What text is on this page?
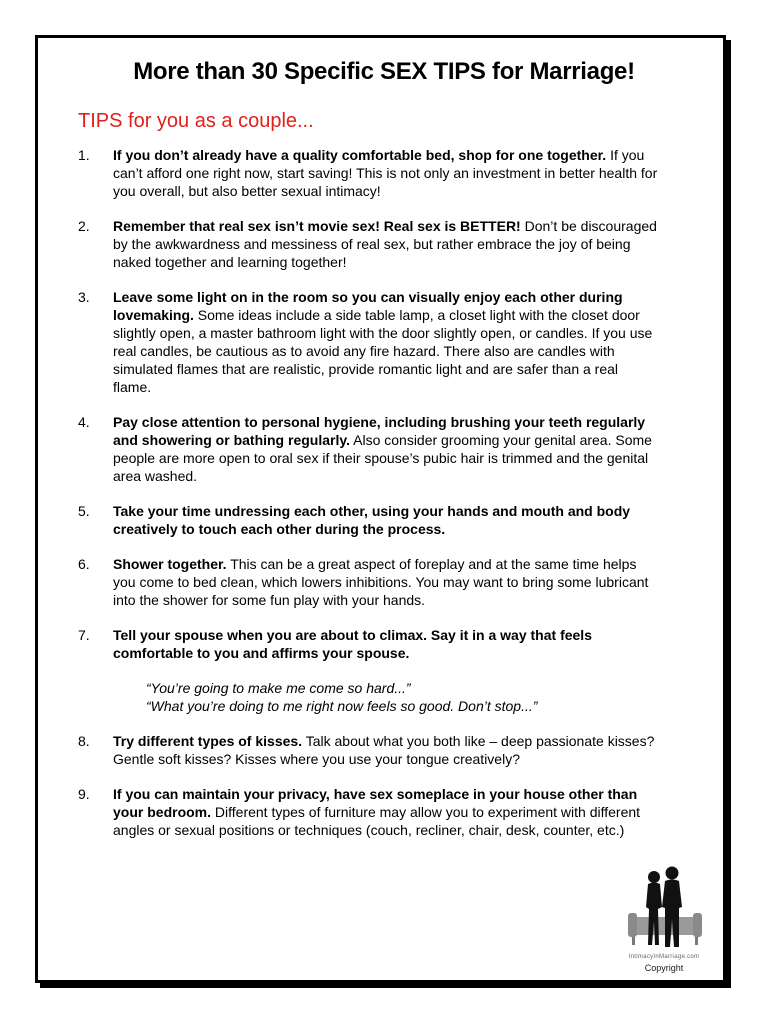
More than 30 Specific SEX TIPS for Marriage!
TIPS for you as a couple...
1. If you don’t already have a quality comfortable bed, shop for one together. If you can’t afford one right now, start saving! This is not only an investment in better health for you overall, but also better sexual intimacy!
2. Remember that real sex isn’t movie sex! Real sex is BETTER! Don’t be discouraged by the awkwardness and messiness of real sex, but rather embrace the joy of being naked together and learning together!
3. Leave some light on in the room so you can visually enjoy each other during lovemaking. Some ideas include a side table lamp, a closet light with the closet door slightly open, a master bathroom light with the door slightly open, or candles. If you use real candles, be cautious as to avoid any fire hazard. There also are candles with simulated flames that are realistic, provide romantic light and are safer than a real flame.
4. Pay close attention to personal hygiene, including brushing your teeth regularly and showering or bathing regularly. Also consider grooming your genital area. Some people are more open to oral sex if their spouse’s pubic hair is trimmed and the genital area washed.
5. Take your time undressing each other, using your hands and mouth and body creatively to touch each other during the process.
6. Shower together. This can be a great aspect of foreplay and at the same time helps you come to bed clean, which lowers inhibitions. You may want to bring some lubricant into the shower for some fun play with your hands.
7. Tell your spouse when you are about to climax. Say it in a way that feels comfortable to you and affirms your spouse.
“You’re going to make me come so hard...”
“What you’re doing to me right now feels so good. Don’t stop...”
8. Try different types of kisses. Talk about what you both like – deep passionate kisses? Gentle soft kisses? Kisses where you use your tongue creatively?
9. If you can maintain your privacy, have sex someplace in your house other than your bedroom. Different types of furniture may allow you to experiment with different angles or sexual positions or techniques (couch, recliner, chair, desk, counter, etc.)
IntimacyInMarriage.com
Copyright
